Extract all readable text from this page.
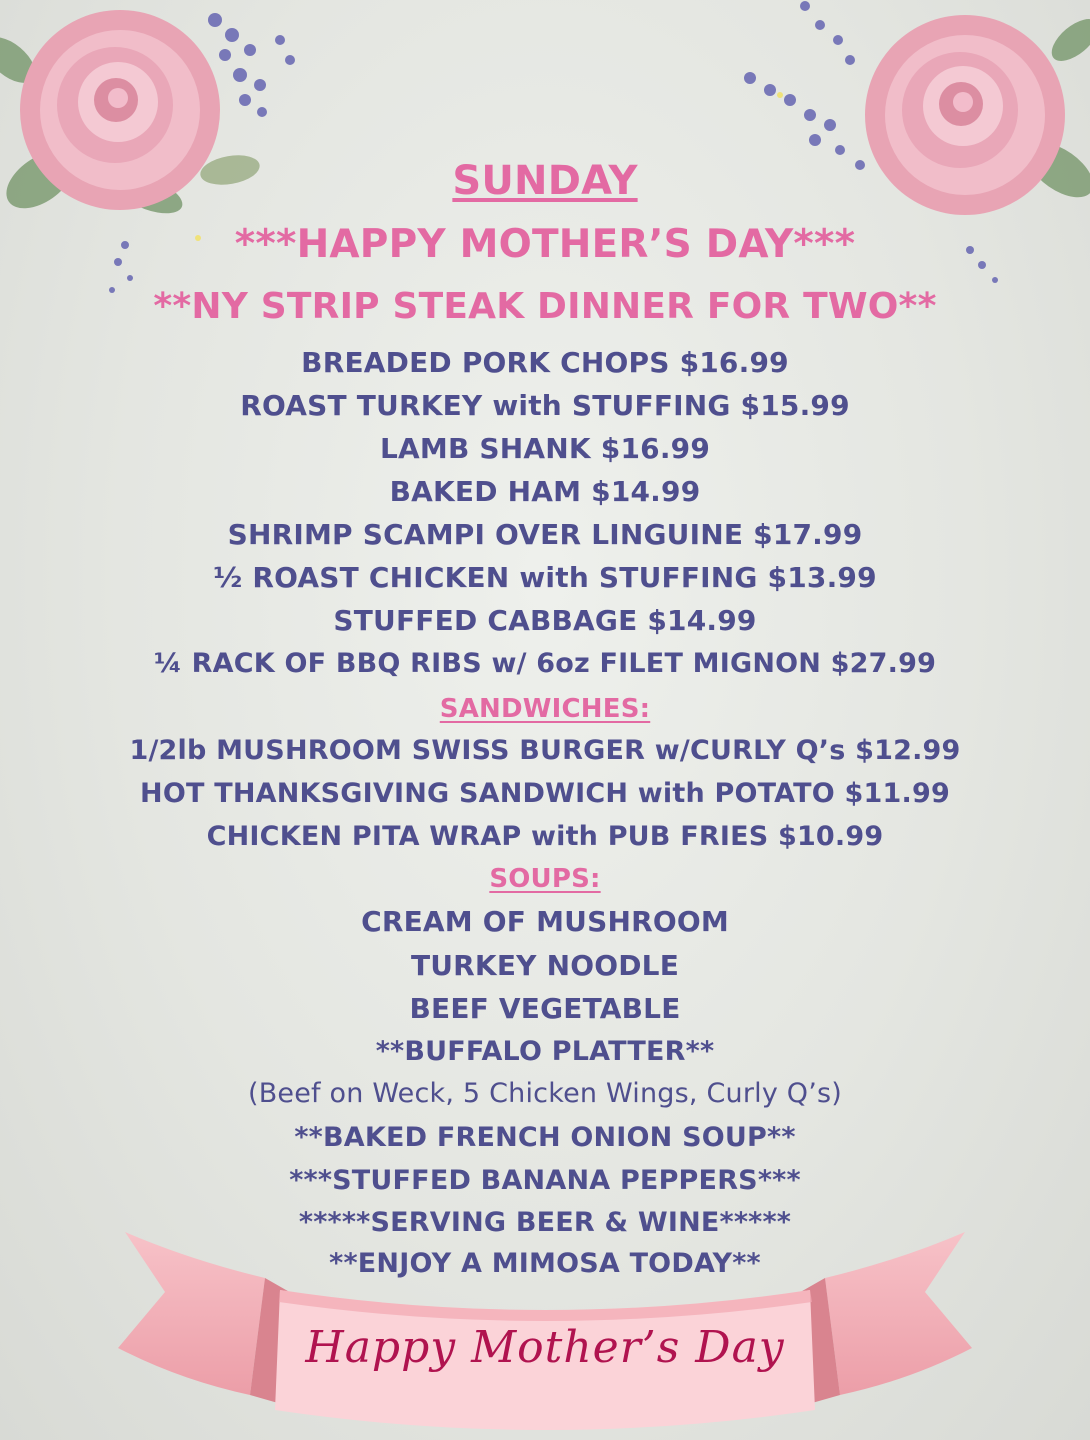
SUNDAY
***HAPPY MOTHER’S DAY***
**NY STRIP STEAK DINNER FOR TWO**
BREADED PORK CHOPS $16.99
ROAST TURKEY with STUFFING $15.99
LAMB SHANK $16.99
BAKED HAM $14.99
SHRIMP SCAMPI OVER LINGUINE $17.99
½ ROAST CHICKEN with STUFFING $13.99
STUFFED CABBAGE $14.99
¼ RACK OF BBQ RIBS w/ 6oz FILET MIGNON $27.99
SANDWICHES:
1/2lb MUSHROOM SWISS BURGER w/CURLY Q’s $12.99
HOT THANKSGIVING SANDWICH with POTATO $11.99
CHICKEN PITA WRAP with PUB FRIES $10.99
SOUPS:
CREAM OF MUSHROOM
TURKEY NOODLE
BEEF VEGETABLE
**BUFFALO PLATTER**
(Beef on Weck, 5 Chicken Wings, Curly Q’s)
**BAKED FRENCH ONION SOUP**
***STUFFED BANANA PEPPERS***
*****SERVING BEER & WINE*****
**ENJOY A MIMOSA TODAY**
Happy Mother’s Day
